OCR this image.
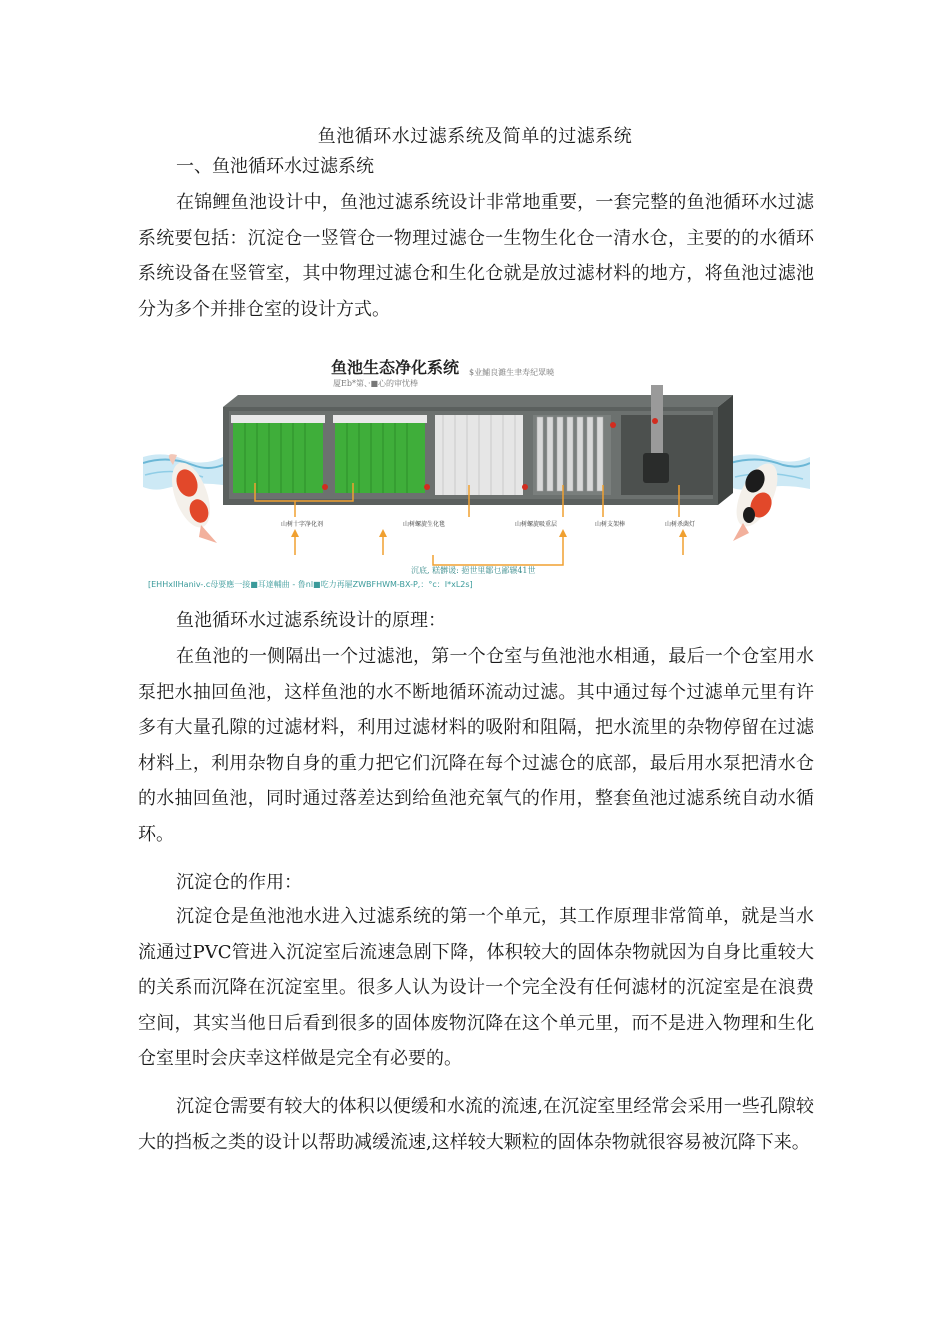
鱼池循环水过滤系统及简单的过滤系统

一、鱼池循环水过滤系统

在锦鲤鱼池设计中，鱼池过滤系统设计非常地重要，一套完整的鱼池循环水过滤系统要包括：沉淀仓一竖管仓一物理过滤仓一生物生化仓一清水仓，主要的的水循环系统设备在竖管室，其中物理过滤仓和生化仓就是放过滤材料的地方，将鱼池过滤池分为多个并排仓室的设计方式。

鱼池生态净化系统 $业鯆良濉生聿寿紀眾曉
厦Eb*第、·■心的审忧棒
山树十字净化剂	山树螺旋生化毯	山树螺旋吸重层	山树支架棒	山树杀菌灯
沉底, 糕髒谖: 挹世里鄒乜鄙辗41世
[EHHxIIHaniv-.c母要應一接■耳達輔曲 - 鲁nl■吃力再屜ZWBFHWM-BX-P,：°c：I*xL2s]

鱼池循环水过滤系统设计的原理：

在鱼池的一侧隔出一个过滤池，第一个仓室与鱼池池水相通，最后一个仓室用水泵把水抽回鱼池，这样鱼池的水不断地循环流动过滤。其中通过每个过滤单元里有许多有大量孔隙的过滤材料，利用过滤材料的吸附和阻隔，把水流里的杂物停留在过滤材料上，利用杂物自身的重力把它们沉降在每个过滤仓的底部，最后用水泵把清水仓的水抽回鱼池，同时通过落差达到给鱼池充氧气的作用，整套鱼池过滤系统自动水循环。

沉淀仓的作用：

沉淀仓是鱼池池水进入过滤系统的第一个单元，其工作原理非常简单，就是当水流通过PVC管进入沉淀室后流速急剧下降，体积较大的固体杂物就因为自身比重较大的关系而沉降在沉淀室里。很多人认为设计一个完全没有任何滤材的沉淀室是在浪费空间，其实当他日后看到很多的固体废物沉降在这个单元里，而不是进入物理和生化仓室里时会庆幸这样做是完全有必要的。

沉淀仓需要有较大的体积以便缓和水流的流速,在沉淀室里经常会采用一些孔隙较大的挡板之类的设计以帮助减缓流速,这样较大颗粒的固体杂物就很容易被沉降下来。
